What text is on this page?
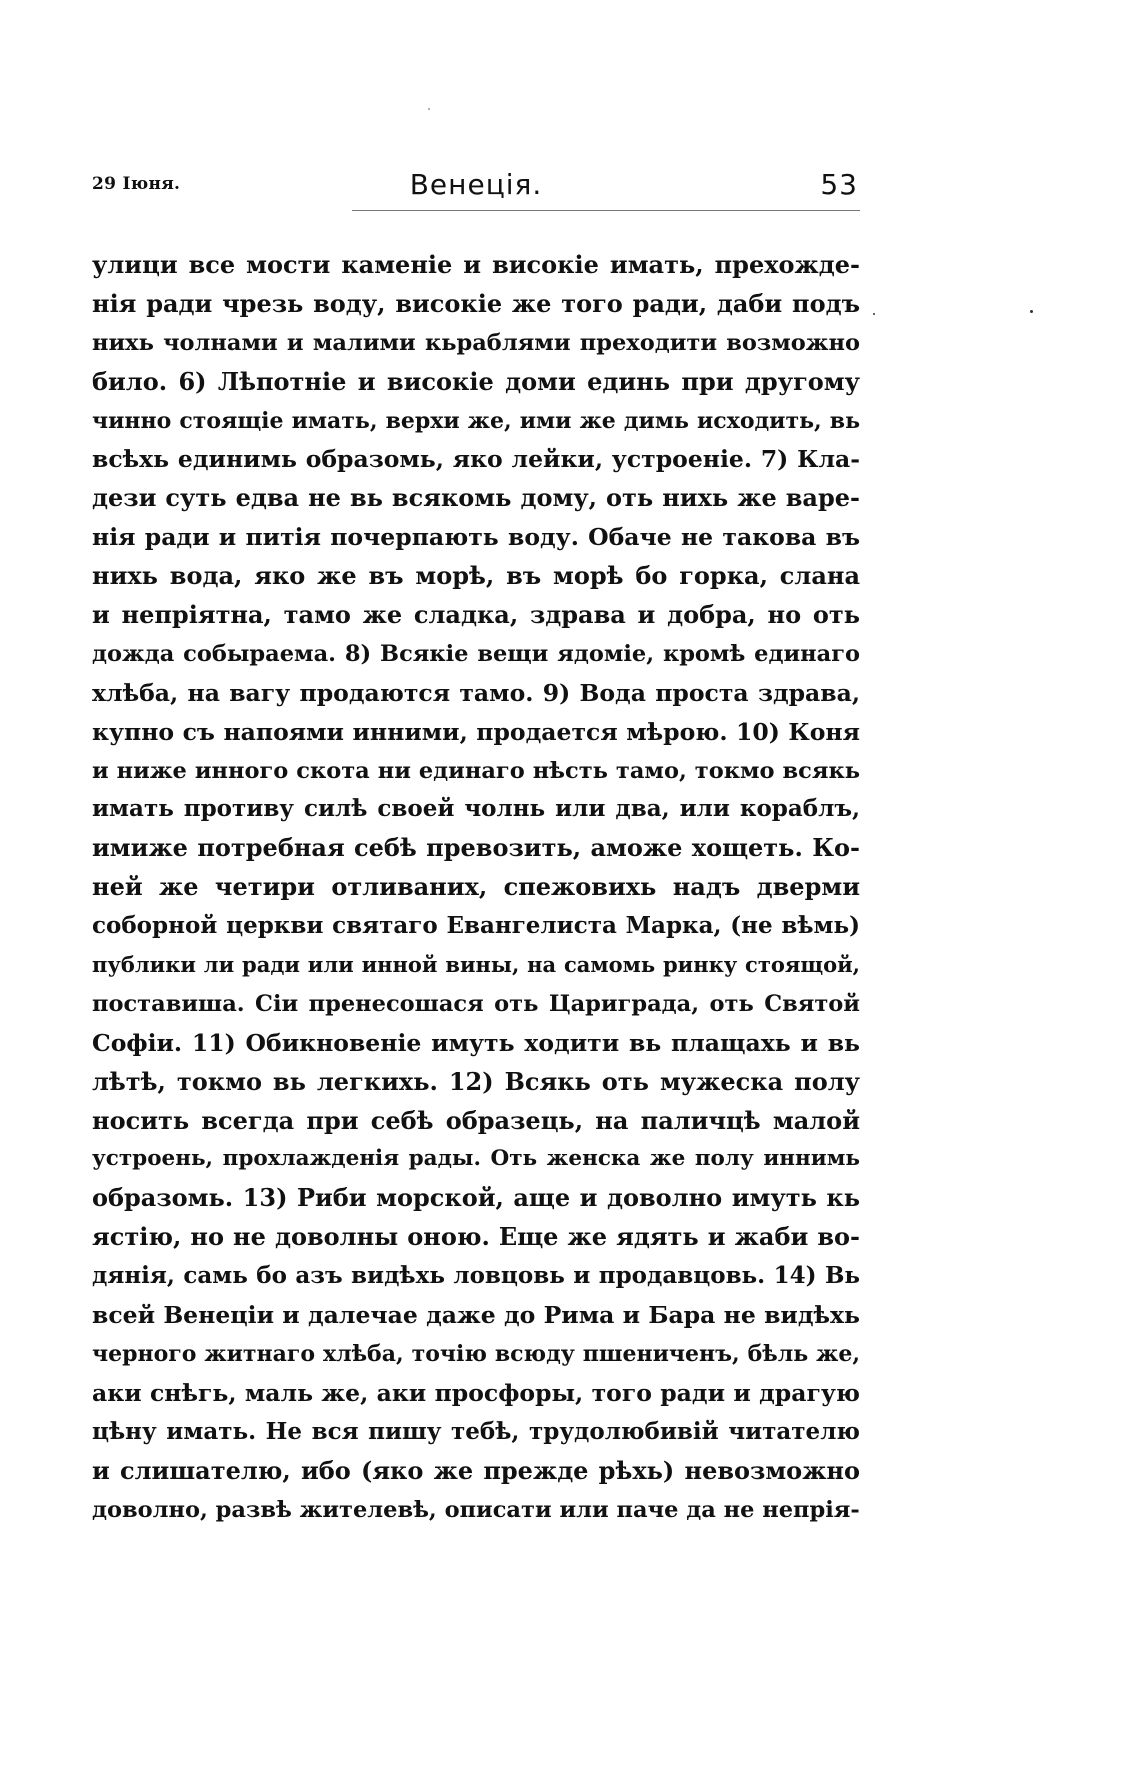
29 Іюня.	Венеція.	53
улици все мости каменіе и високіе имать, прехожде-
нія ради чрезь воду, високіе же того ради, даби подъ
нихь чолнами и малими кьраблями преходити возможно
било. 6) Лѣпотніе и високіе доми единь при другому
чинно стоящіе имать, верхи же, ими же димь исходить, вь
всѣхь единимь образомь, яко лейки, устроеніе. 7) Кла-
дези суть едва не вь всякомь дому, оть нихь же варе-
нія ради и питія почерпають воду. Обаче не такова въ
нихь вода, яко же въ морѣ, въ морѣ бо горка, слана
и непріятна, тамо же сладка, здрава и добра, но оть
дожда собыраема. 8) Всякіе вещи ядоміе, кромѣ единаго
хлѣба, на вагу продаются тамо. 9) Вода проста здрава,
купно съ напоями инними, продается мѣрою. 10) Коня
и ниже инного скота ни единаго нѣсть тамо, токмо всякь
имать противу силѣ своей чолнь или два, или кораблъ,
имиже потребная себѣ превозить, аможе хощеть. Ко-
ней же четири отливаних, спежовихь надъ дверми
соборной церкви святаго Евангелиста Марка, (не вѣмь)
публики ли ради или инной вины, на самомь ринку стоящой,
поставиша. Сіи пренесошася оть Цариграда, оть Святой
Софіи. 11) Обикновеніе имуть ходити вь плащахь и вь
лѣтѣ, токмо вь легкихь. 12) Всякь оть мужеска полу
носить всегда при себѣ образець, на паличцѣ малой
устроень, прохлажденія рады. Оть женска же полу иннимь
образомь. 13) Риби морской, аще и доволно имуть кь
ястію, но не доволны оною. Еще же ядять и жаби во-
дянія, самь бо азъ видѣхь ловцовь и продавцовь. 14) Вь
всей Венеціи и далечае даже до Рима и Бара не видѣхь
черного житнаго хлѣба, точію всюду пшениченъ, бѣль же,
аки снѣгь, маль же, аки просфоры, того ради и драгую
цѣну имать. Не вся пишу тебѣ, трудолюбивій читателю
и слишателю, ибо (яко же прежде рѣхь) невозможно
доволно, развѣ жителевѣ, описати или паче да не непрія-
